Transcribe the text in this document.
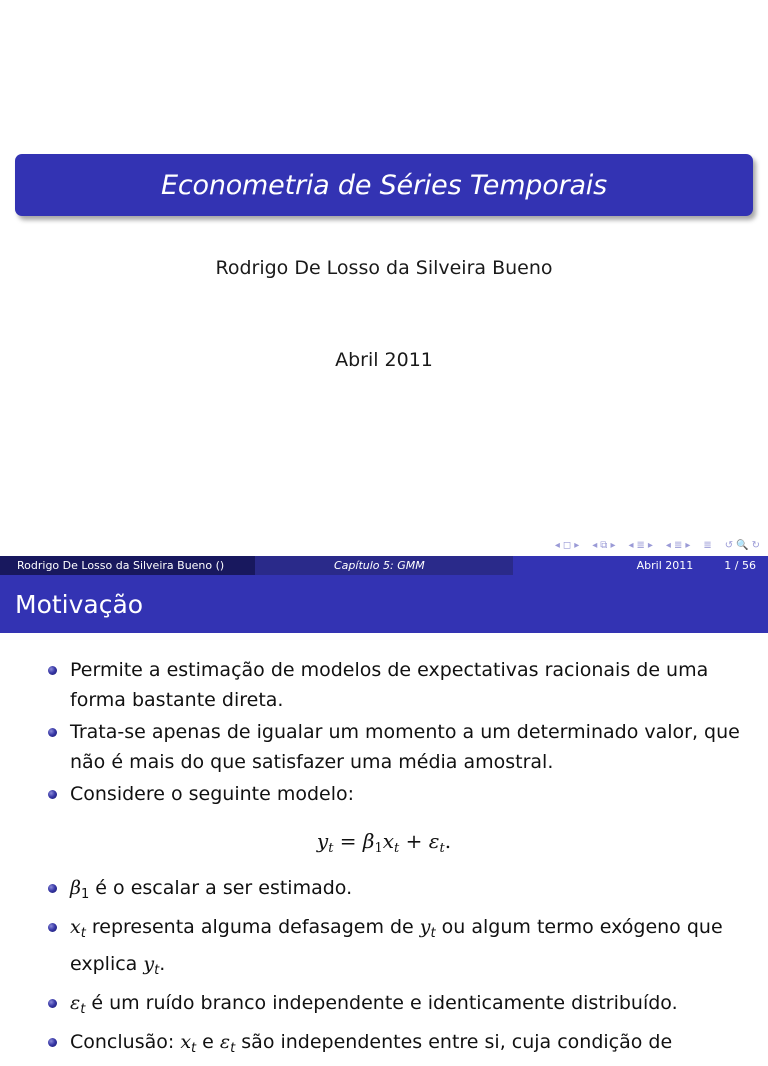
Econometria de Séries Temporais
Rodrigo De Losso da Silveira Bueno
Abril 2011
◂ ◻ ▸ ◂ ⧉ ▸ ◂ ≣ ▸ ◂ ≣ ▸ ≣ ↺ 🔍 ↻
Rodrigo De Losso da Silveira Bueno ()	Capítulo 5: GMM	Abril 2011	1 / 56
Motivação
Permite a estimação de modelos de expectativas racionais de uma forma bastante direta.
Trata-se apenas de igualar um momento a um determinado valor, que não é mais do que satisfazer uma média amostral.
Considere o seguinte modelo:
$y_t = \beta_1x_t + \varepsilon_t$.
$\beta_1$ é o escalar a ser estimado.
$x_t$ representa alguma defasagem de $y_t$ ou algum termo exógeno que explica $y_t$.
$\varepsilon_t$ é um ruído branco independente e identicamente distribuído.
Conclusão: $x_t$ e $\varepsilon_t$ são independentes entre si, cuja condição de
